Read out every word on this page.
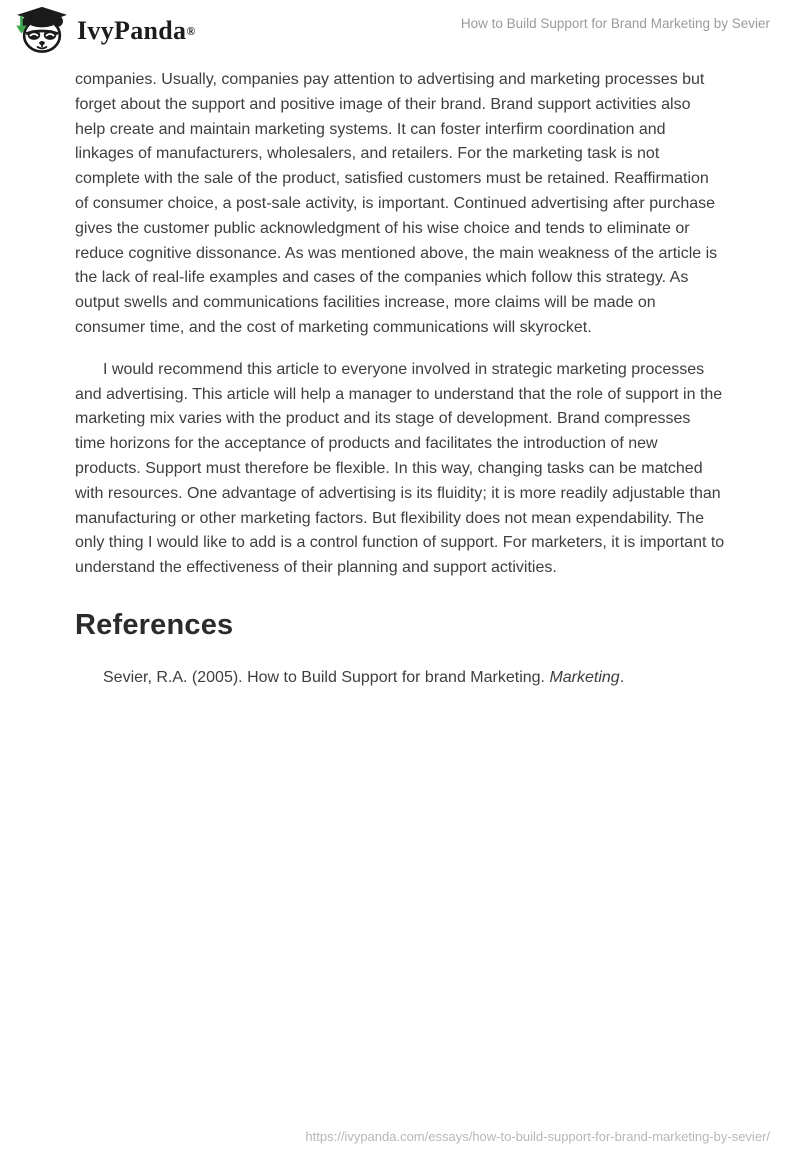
IvyPanda ®	How to Build Support for Brand Marketing by Sevier

companies. Usually, companies pay attention to advertising and marketing processes but forget about the support and positive image of their brand. Brand support activities also help create and maintain marketing systems. It can foster interfirm coordination and linkages of manufacturers, wholesalers, and retailers. For the marketing task is not complete with the sale of the product, satisfied customers must be retained. Reaffirmation of consumer choice, a post-sale activity, is important. Continued advertising after purchase gives the customer public acknowledgment of his wise choice and tends to eliminate or reduce cognitive dissonance. As was mentioned above, the main weakness of the article is the lack of real-life examples and cases of the companies which follow this strategy. As output swells and communications facilities increase, more claims will be made on consumer time, and the cost of marketing communications will skyrocket.

I would recommend this article to everyone involved in strategic marketing processes and advertising. This article will help a manager to understand that the role of support in the marketing mix varies with the product and its stage of development. Brand compresses time horizons for the acceptance of products and facilitates the introduction of new products. Support must therefore be flexible. In this way, changing tasks can be matched with resources. One advantage of advertising is its fluidity; it is more readily adjustable than manufacturing or other marketing factors. But flexibility does not mean expendability. The only thing I would like to add is a control function of support. For marketers, it is important to understand the effectiveness of their planning and support activities.

References

Sevier, R.A. (2005). How to Build Support for brand Marketing. Marketing.

https://ivypanda.com/essays/how-to-build-support-for-brand-marketing-by-sevier/
